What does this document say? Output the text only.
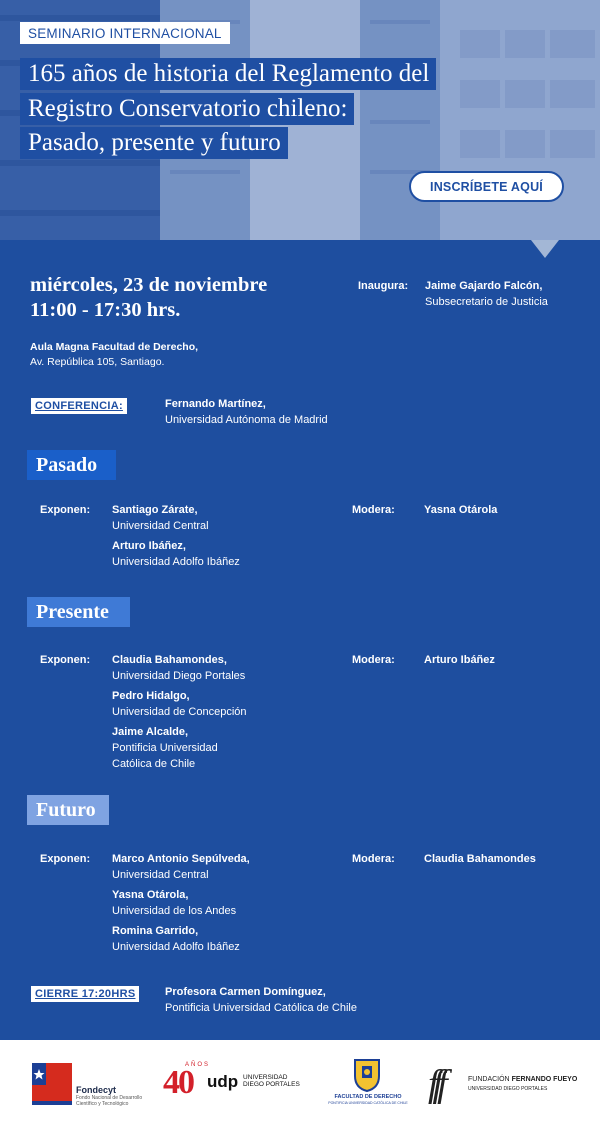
SEMINARIO INTERNACIONAL
165 años de historia del Reglamento del
Registro Conservatorio chileno:
Pasado, presente y futuro
INSCRÍBETE AQUÍ
miércoles, 23 de noviembre
11:00 - 17:30 hrs.
Inaugura: Jaime Gajardo Falcón,
Subsecretario de Justicia
Aula Magna Facultad de Derecho,
Av. República 105, Santiago.
CONFERENCIA:	Fernando Martínez,
Universidad Autónoma de Madrid
Pasado
Exponen: Santiago Zárate,
Universidad Central
Arturo Ibáñez,
Universidad Adolfo Ibáñez
Modera:	Yasna Otárola
Presente
Exponen: Claudia Bahamondes,
Universidad Diego Portales
Pedro Hidalgo,
Universidad de Concepción
Jaime Alcalde,
Pontificia Universidad
Católica de Chile
Modera:	Arturo Ibáñez
Futuro
Exponen: Marco Antonio Sepúlveda,
Universidad Central
Yasna Otárola,
Universidad de los Andes
Romina Garrido,
Universidad Adolfo Ibáñez
Modera:	Claudia Bahamondes
CIERRE 17:20HRS	Profesora Carmen Domínguez,
Pontificia Universidad Católica de Chile
Fondecyt
Fondo Nacional de Desarrollo Científico y Tecnológico
AÑOS
40 udp UNIVERSIDAD
DIEGO PORTALES
FACULTAD DE DERECHO
PONTIFICIA UNIVERSIDAD CATÓLICA DE CHILE fff	FUNDACIÓN FERNANDO FUEYO
UNIVERSIDAD DIEGO PORTALES
